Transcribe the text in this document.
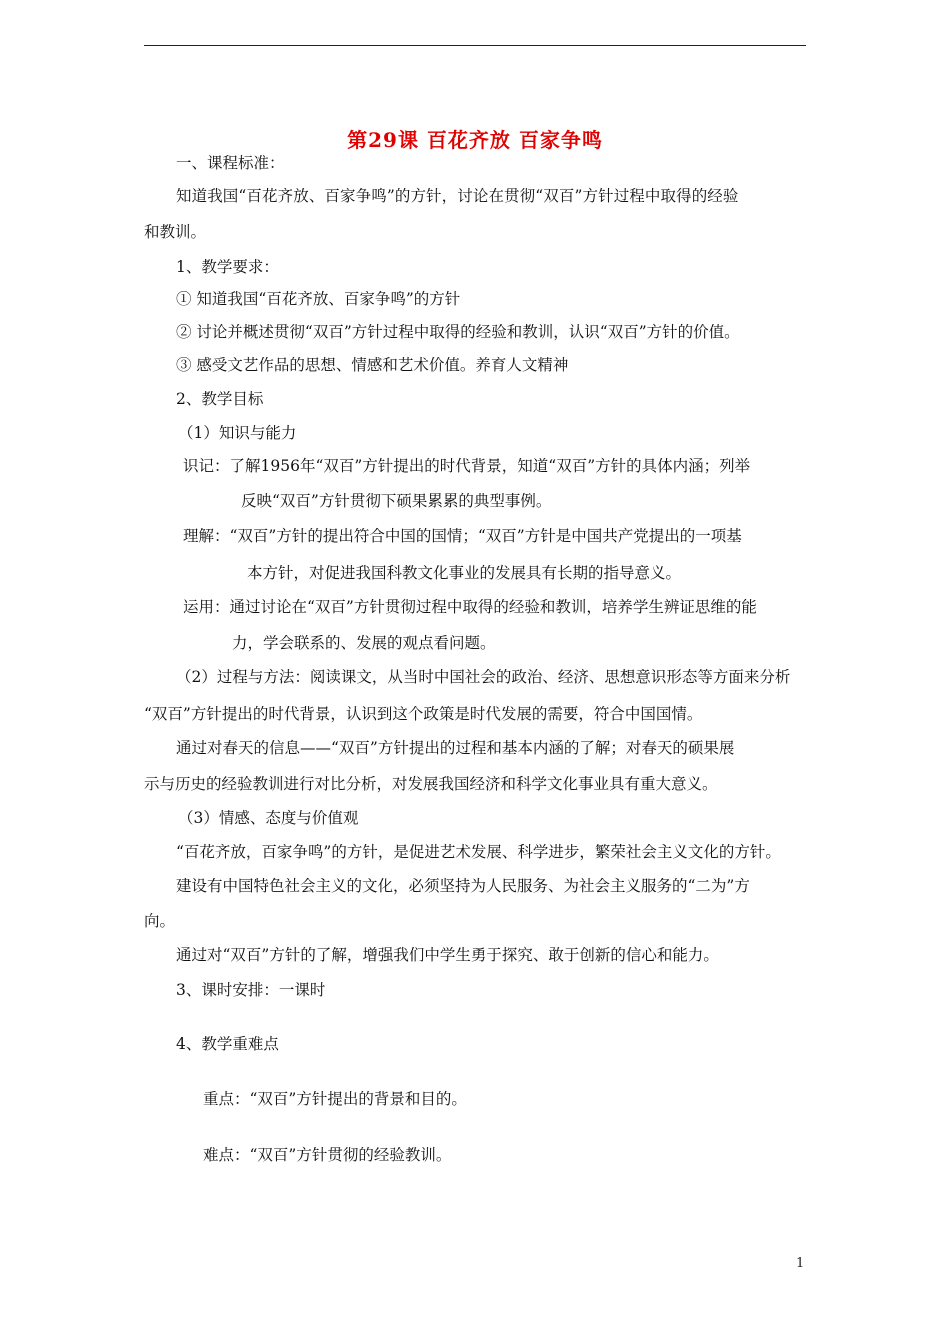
第29课 百花齐放 百家争鸣
一、课程标准：
知道我国“百花齐放、百家争鸣”的方针，讨论在贯彻“双百”方针过程中取得的经验
和教训。
1、教学要求：
① 知道我国“百花齐放、百家争鸣”的方针
② 讨论并概述贯彻“双百”方针过程中取得的经验和教训，认识“双百”方针的价值。
③ 感受文艺作品的思想、情感和艺术价值。养育人文精神
2、教学目标
（1）知识与能力
识记：了解1956年“双百”方针提出的时代背景，知道“双百”方针的具体内涵；列举
反映“双百”方针贯彻下硕果累累的典型事例。
理解：“双百”方针的提出符合中国的国情；“双百”方针是中国共产党提出的一项基
本方针，对促进我国科教文化事业的发展具有长期的指导意义。
运用：通过讨论在“双百”方针贯彻过程中取得的经验和教训，培养学生辨证思维的能
力，学会联系的、发展的观点看问题。
（2）过程与方法：阅读课文，从当时中国社会的政治、经济、思想意识形态等方面来分析
“双百”方针提出的时代背景，认识到这个政策是时代发展的需要，符合中国国情。
通过对春天的信息——“双百”方针提出的过程和基本内涵的了解；对春天的硕果展
示与历史的经验教训进行对比分析，对发展我国经济和科学文化事业具有重大意义。
（3）情感、态度与价值观
“百花齐放，百家争鸣”的方针，是促进艺术发展、科学进步，繁荣社会主义文化的方针。
建设有中国特色社会主义的文化，必须坚持为人民服务、为社会主义服务的“二为”方
向。
通过对“双百”方针的了解，增强我们中学生勇于探究、敢于创新的信心和能力。
3、课时安排：一课时
4、教学重难点
重点：“双百”方针提出的背景和目的。
难点：“双百”方针贯彻的经验教训。
1
